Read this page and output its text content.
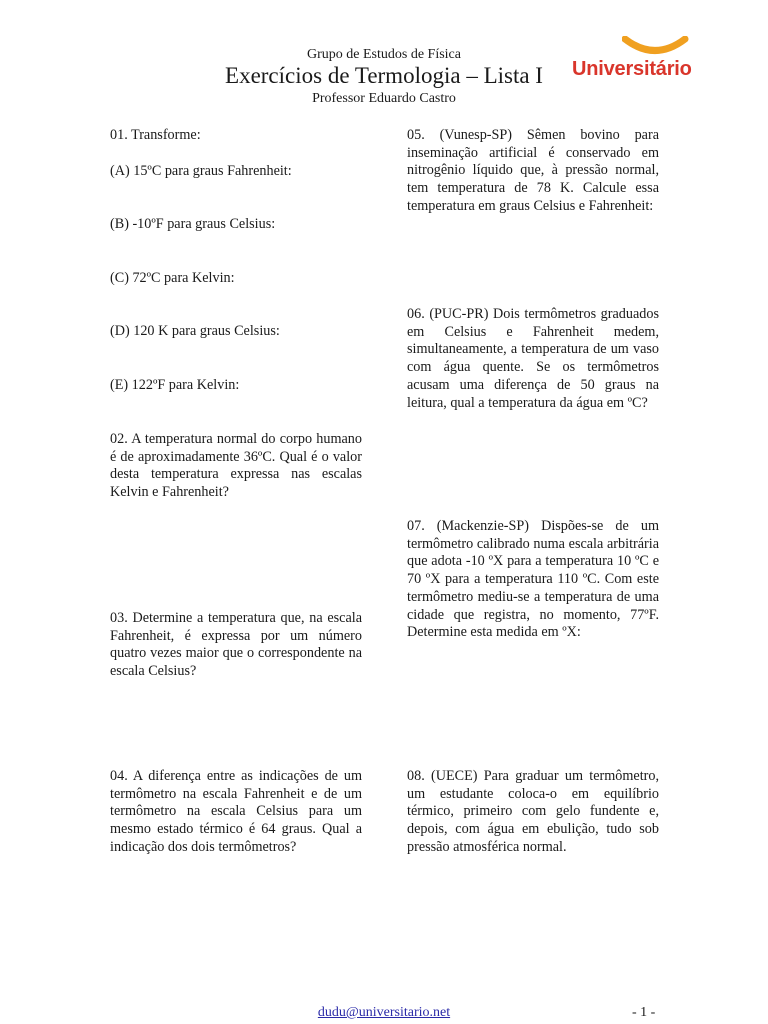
Grupo de Estudos de Física
Exercícios de Termologia – Lista I
Professor Eduardo Castro
Universitário
01. Transforme:
(A) 15ºC para graus Fahrenheit:
(B) -10ºF para graus Celsius:
(C) 72ºC para Kelvin:
(D) 120 K para graus Celsius:
(E) 122ºF para Kelvin:
02. A temperatura normal do corpo humano é de aproximadamente 36ºC. Qual é o valor desta temperatura expressa nas escalas Kelvin e Fahrenheit?
03. Determine a temperatura que, na escala Fahrenheit, é expressa por um número quatro vezes maior que o correspondente na escala Celsius?
04. A diferença entre as indicações de um termômetro na escala Fahrenheit e de um termômetro na escala Celsius para um mesmo estado térmico é 64 graus. Qual a indicação dos dois termômetros?
05. (Vunesp-SP) Sêmen bovino para inseminação artificial é conservado em nitrogênio líquido que, à pressão normal, tem temperatura de 78 K. Calcule essa temperatura em graus Celsius e Fahrenheit:
06. (PUC-PR) Dois termômetros graduados em Celsius e Fahrenheit medem, simultaneamente, a temperatura de um vaso com água quente. Se os termômetros acusam uma diferença de 50 graus na leitura, qual a temperatura da água em ºC?
07. (Mackenzie-SP) Dispões-se de um termômetro calibrado numa escala arbitrária que adota -10 ºX para a temperatura 10 ºC e 70 ºX para a temperatura 110 ºC. Com este termômetro mediu-se a temperatura de uma cidade que registra, no momento, 77ºF. Determine esta medida em ºX:
08. (UECE) Para graduar um termômetro, um estudante coloca-o em equilíbrio térmico, primeiro com gelo fundente e, depois, com água em ebulição, tudo sob pressão atmosférica normal.
dudu@universitario.net	- 1 -
